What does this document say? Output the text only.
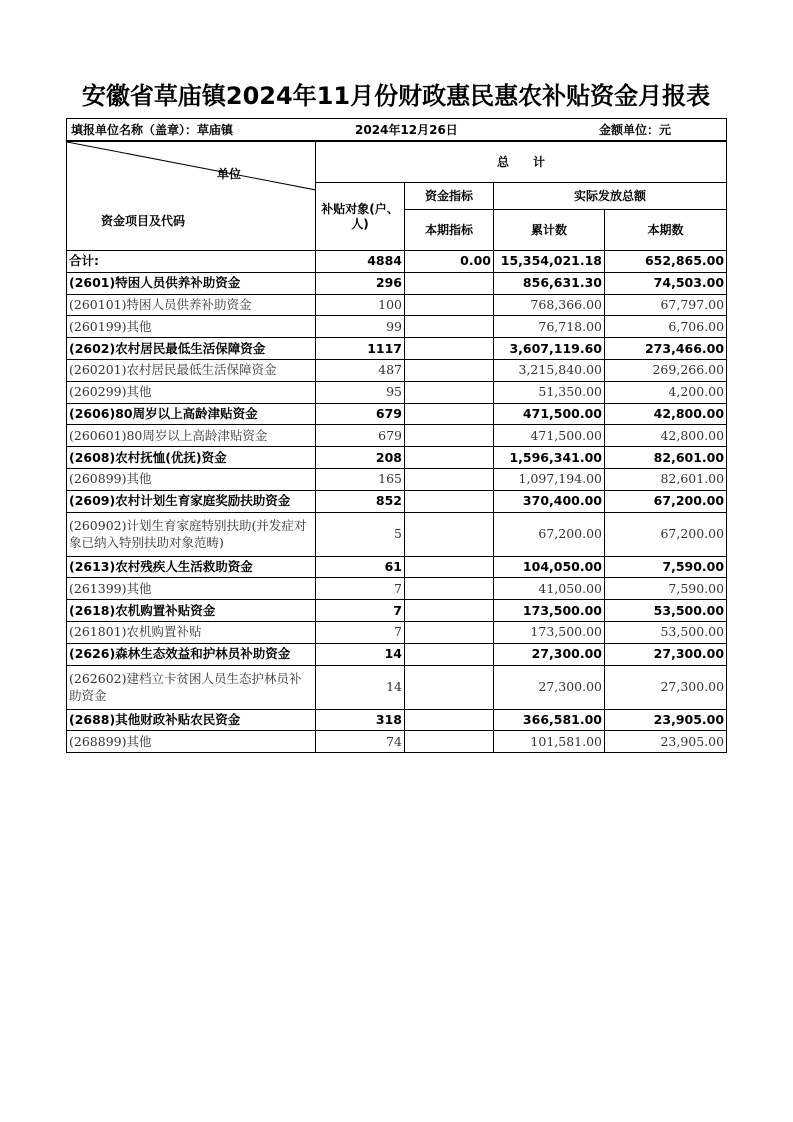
安徽省草庙镇2024年11月份财政惠民惠农补贴资金月报表
填报单位名称（盖章）：草庙镇 2024年12月26日 金额单位：元				

单位
资金项目及代码	总　　计			
	补贴对象(户、人)	资金指标	实际发放总额	
		本期指标	累计数	本期数
合计:	4884	0.00	15,354,021.18	652,865.00
(2601)特困人员供养补助资金	296		856,631.30	74,503.00
(260101)特困人员供养补助资金	100		768,366.00	67,797.00
(260199)其他	99		76,718.00	6,706.00
(2602)农村居民最低生活保障资金	1117		3,607,119.60	273,466.00
(260201)农村居民最低生活保障资金	487		3,215,840.00	269,266.00
(260299)其他	95		51,350.00	4,200.00
(2606)80周岁以上高龄津贴资金	679		471,500.00	42,800.00
(260601)80周岁以上高龄津贴资金	679		471,500.00	42,800.00
(2608)农村抚恤(优抚)资金	208		1,596,341.00	82,601.00
(260899)其他	165		1,097,194.00	82,601.00
(2609)农村计划生育家庭奖励扶助资金	852		370,400.00	67,200.00
(260902)计划生育家庭特别扶助(并发症对象已纳入特别扶助对象范畴)	5		67,200.00	67,200.00
(2613)农村残疾人生活救助资金	61		104,050.00	7,590.00
(261399)其他	7		41,050.00	7,590.00
(2618)农机购置补贴资金	7		173,500.00	53,500.00
(261801)农机购置补贴	7		173,500.00	53,500.00
(2626)森林生态效益和护林员补助资金	14		27,300.00	27,300.00
(262602)建档立卡贫困人员生态护林员补助资金	14		27,300.00	27,300.00
(2688)其他财政补贴农民资金	318		366,581.00	23,905.00
(268899)其他	74		101,581.00	23,905.00
